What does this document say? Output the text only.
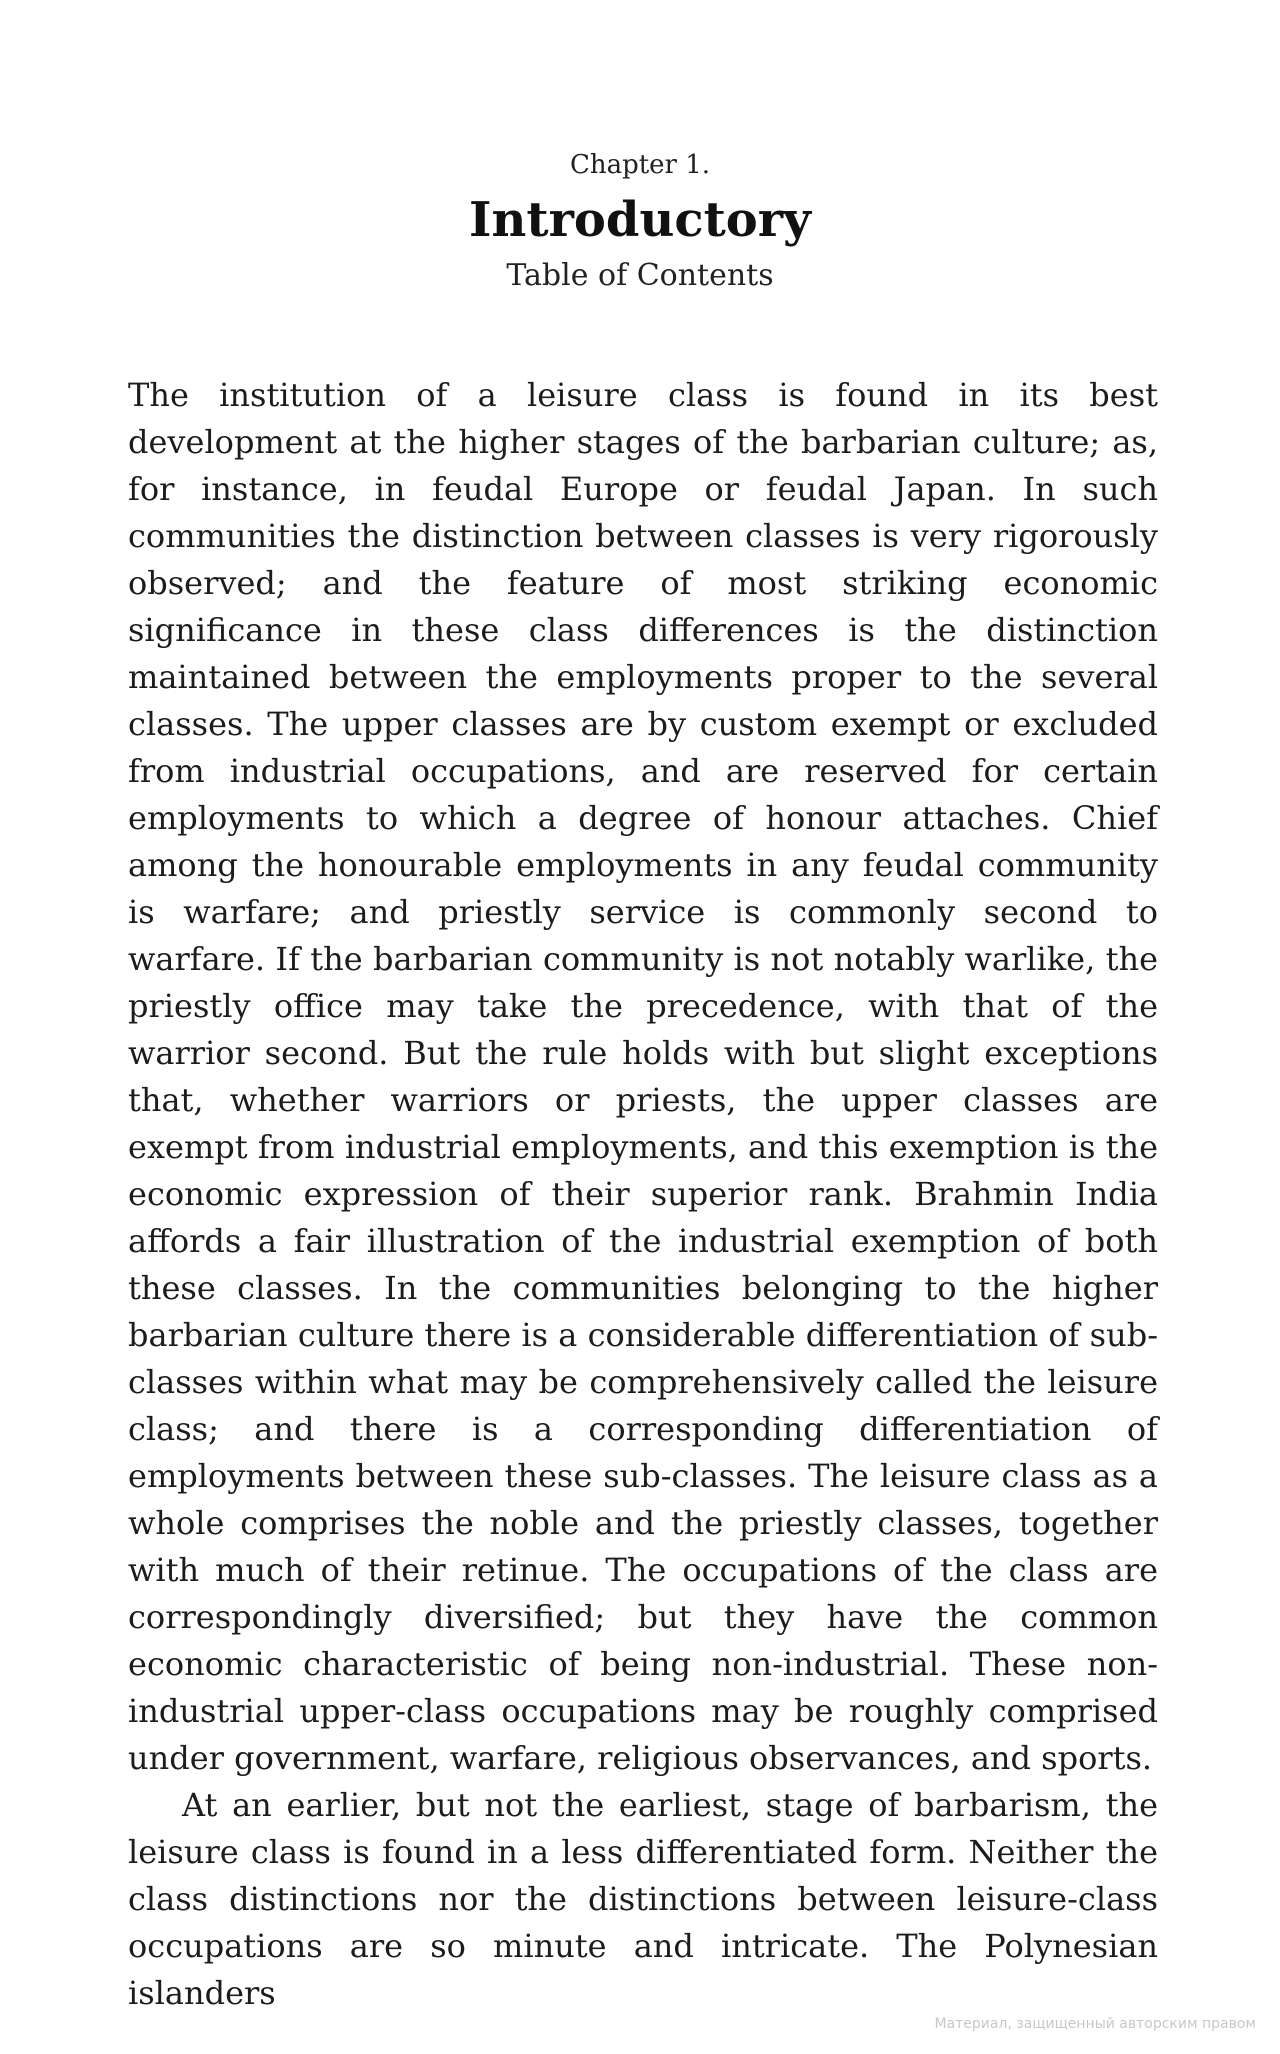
Chapter 1.
Introductory
Table of Contents

The institution of a leisure class is found in its best development at the higher stages of the barbarian culture; as, for instance, in feudal Europe or feudal Japan. In such communities the distinction between classes is very rigorously observed; and the feature of most striking economic significance in these class differences is the distinction maintained between the employments proper to the several classes. The upper classes are by custom exempt or excluded from industrial occupations, and are reserved for certain employments to which a degree of honour attaches. Chief among the honourable employments in any feudal community is warfare; and priestly service is commonly second to warfare. If the barbarian community is not notably warlike, the priestly office may take the precedence, with that of the warrior second. But the rule holds with but slight exceptions that, whether warriors or priests, the upper classes are exempt from industrial employments, and this exemption is the economic expression of their superior rank. Brahmin India affords a fair illustration of the industrial exemption of both these classes. In the communities belonging to the higher barbarian culture there is a considerable differentiation of sub-classes within what may be comprehensively called the leisure class; and there is a corresponding differentiation of employments between these sub-classes. The leisure class as a whole comprises the noble and the priestly classes, together with much of their retinue. The occupations of the class are correspondingly diversified; but they have the common economic characteristic of being non-industrial. These non-industrial upper-class occupations may be roughly comprised under government, warfare, religious observances, and sports.

At an earlier, but not the earliest, stage of barbarism, the leisure class is found in a less differentiated form. Neither the class distinctions nor the distinctions between leisure-class occupations are so minute and intricate. The Polynesian islanders

Материал, защищенный авторским правом
